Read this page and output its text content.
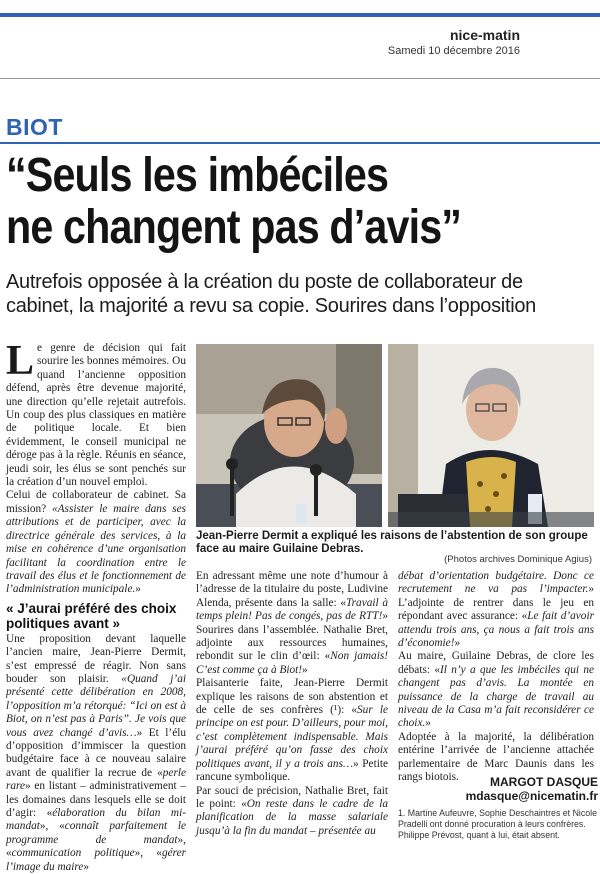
nice-matin
Samedi 10 décembre 2016
BIOT
“Seuls les imbéciles
ne changent pas d’avis”
Autrefois opposée à la création du poste de collaborateur de cabinet, la majorité a revu sa copie. Sourires dans l’opposition

Le genre de décision qui fait sourire les bonnes mémoires. Ou quand l’ancienne opposition défend, après être devenue majorité, une direction qu’elle rejetait autrefois. Un coup des plus classiques en matière de politique locale. Et bien évidemment, le conseil municipal ne déroge pas à la règle. Réunis en séance, jeudi soir, les élus se sont penchés sur la création d’un nouvel emploi.

Celui de collaborateur de cabinet. Sa mission? «Assister le maire dans ses attributions et de participer, avec la directrice générale des services, à la mise en cohérence d’une organisation facilitant la coordination entre le travail des élus et le fonctionnement de l’administration municipale.»

« J’aurai préféré des choix politiques avant »

Une proposition devant laquelle l’ancien maire, Jean-Pierre Dermit, s’est empressé de réagir. Non sans bouder son plaisir. «Quand j’ai présenté cette délibération en 2008, l’opposition m’a rétorqué: “Ici on est à Biot, on n’est pas à Paris”. Je vois que vous avez changé d’avis…» Et l’élu d’opposition d’immiscer la question budgétaire face à ce nouveau salaire avant de qualifier la recrue de «perle rare» en listant – administrativement – les domaines dans lesquels elle se doit d’agir: «élaboration du bilan mi-mandat», «connaît parfaitement le programme de mandat», «communication politique», «gérer l’image du maire»

Jean-Pierre Dermit a expliqué les raisons de l’abstention de son groupe face au maire Guilaine Debras.
(Photos archives Dominique Agius)

En adressant même une note d’humour à l’adresse de la titulaire du poste, Ludivine Alenda, présente dans la salle: «Travail à temps plein! Pas de congés, pas de RTT!» Sourires dans l’assemblée. Nathalie Bret, adjointe aux ressources humaines, rebondit sur le clin d’œil: «Non jamais! C’est comme ça à Biot!»

Plaisanterie faite, Jean-Pierre Dermit explique les raisons de son abstention et de celle de ses confrères (¹): «Sur le principe on est pour. D’ailleurs, pour moi, c’est complètement indispensable. Mais j’aurai préféré qu’on fasse des choix politiques avant, il y a trois ans…» Petite rancune symbolique.

Par souci de précision, Nathalie Bret, fait le point: «On reste dans le cadre de la planification de la masse salariale jusqu’à la fin du mandat – présentée au

débat d’orientation budgétaire. Donc ce recrutement ne va pas l’impacter.» L’adjointe de rentrer dans le jeu en répondant avec assurance: «Le fait d’avoir attendu trois ans, ça nous a fait trois ans d’économie!»

Au maire, Guilaine Debras, de clore les débats: «Il n’y a que les imbéciles qui ne changent pas d’avis. La montée en puissance de la charge de travail au niveau de la Casa m’a fait reconsidérer ce choix.»

Adoptée à la majorité, la délibération entérine l’arrivée de l’ancienne attachée parlementaire de Marc Daunis dans les rangs biotois.	MARGOT DASQUE
mdasque@nicematin.fr
1. Martine Aufeuvre, Sophie Deschaintres et Nicole Pradelli ont donné procuration à leurs confrères. Philippe Prévost, quant à lui, était absent.
